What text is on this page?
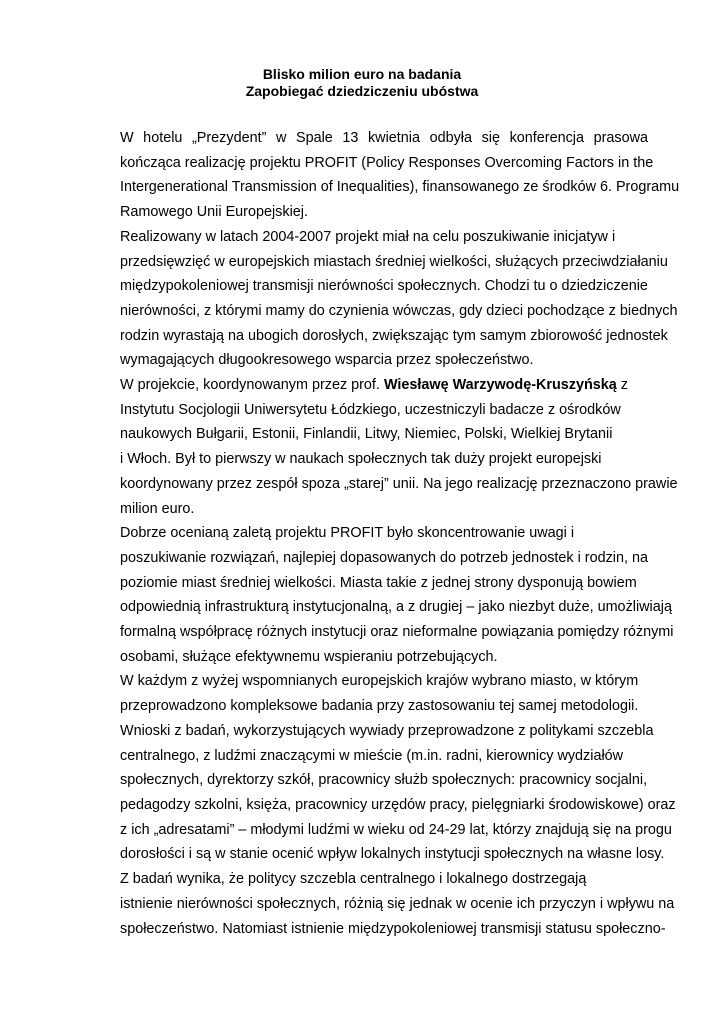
Blisko milion euro na badania
Zapobiegać dziedziczeniu ubóstwa

W hotelu „Prezydent” w Spale 13 kwietnia odbyła się konferencja prasowa
kończąca realizację projektu PROFIT (Policy Responses Overcoming Factors in the
Intergenerational Transmission of Inequalities), finansowanego ze środków 6. Programu
Ramowego Unii Europejskiej.

Realizowany w latach 2004-2007 projekt miał na celu poszukiwanie inicjatyw i
przedsięwzięć w europejskich miastach średniej wielkości, służących przeciwdziałaniu
międzypokoleniowej transmisji nierówności społecznych. Chodzi tu o dziedziczenie
nierówności, z którymi mamy do czynienia wówczas, gdy dzieci pochodzące z biednych
rodzin wyrastają na ubogich dorosłych, zwiększając tym samym zbiorowość jednostek
wymagających długookresowego wsparcia przez społeczeństwo.

W projekcie, koordynowanym przez prof. Wiesławę Warzywodę-Kruszyńską z
Instytutu Socjologii Uniwersytetu Łódzkiego, uczestniczyli badacze z ośrodków
naukowych Bułgarii, Estonii, Finlandii, Litwy, Niemiec, Polski, Wielkiej Brytanii
i Włoch. Był to pierwszy w naukach społecznych tak duży projekt europejski
koordynowany przez zespół spoza „starej” unii. Na jego realizację przeznaczono prawie
milion euro.

Dobrze ocenianą zaletą projektu PROFIT było skoncentrowanie uwagi i
poszukiwanie rozwiązań, najlepiej dopasowanych do potrzeb jednostek i rodzin, na
poziomie miast średniej wielkości. Miasta takie z jednej strony dysponują bowiem
odpowiednią infrastrukturą instytucjonalną, a z drugiej – jako niezbyt duże, umożliwiają
formalną współpracę różnych instytucji oraz nieformalne powiązania pomiędzy różnymi
osobami, służące efektywnemu wspieraniu potrzebujących.

W każdym z wyżej wspomnianych europejskich krajów wybrano miasto, w którym
przeprowadzono kompleksowe badania przy zastosowaniu tej samej metodologii.
Wnioski z badań, wykorzystujących wywiady przeprowadzone z politykami szczebla
centralnego, z ludźmi znaczącymi w mieście (m.in. radni, kierownicy wydziałów
społecznych, dyrektorzy szkół, pracownicy służb społecznych: pracownicy socjalni,
pedagodzy szkolni, księża, pracownicy urzędów pracy, pielęgniarki środowiskowe) oraz
z ich „adresatami” – młodymi ludźmi w wieku od 24-29 lat, którzy znajdują się na progu
dorosłości i są w stanie ocenić wpływ lokalnych instytucji społecznych na własne losy.

Z badań wynika, że politycy szczebla centralnego i lokalnego dostrzegają
istnienie nierówności społecznych, różnią się jednak w ocenie ich przyczyn i wpływu na
społeczeństwo. Natomiast istnienie międzypokoleniowej transmisji statusu społeczno-
